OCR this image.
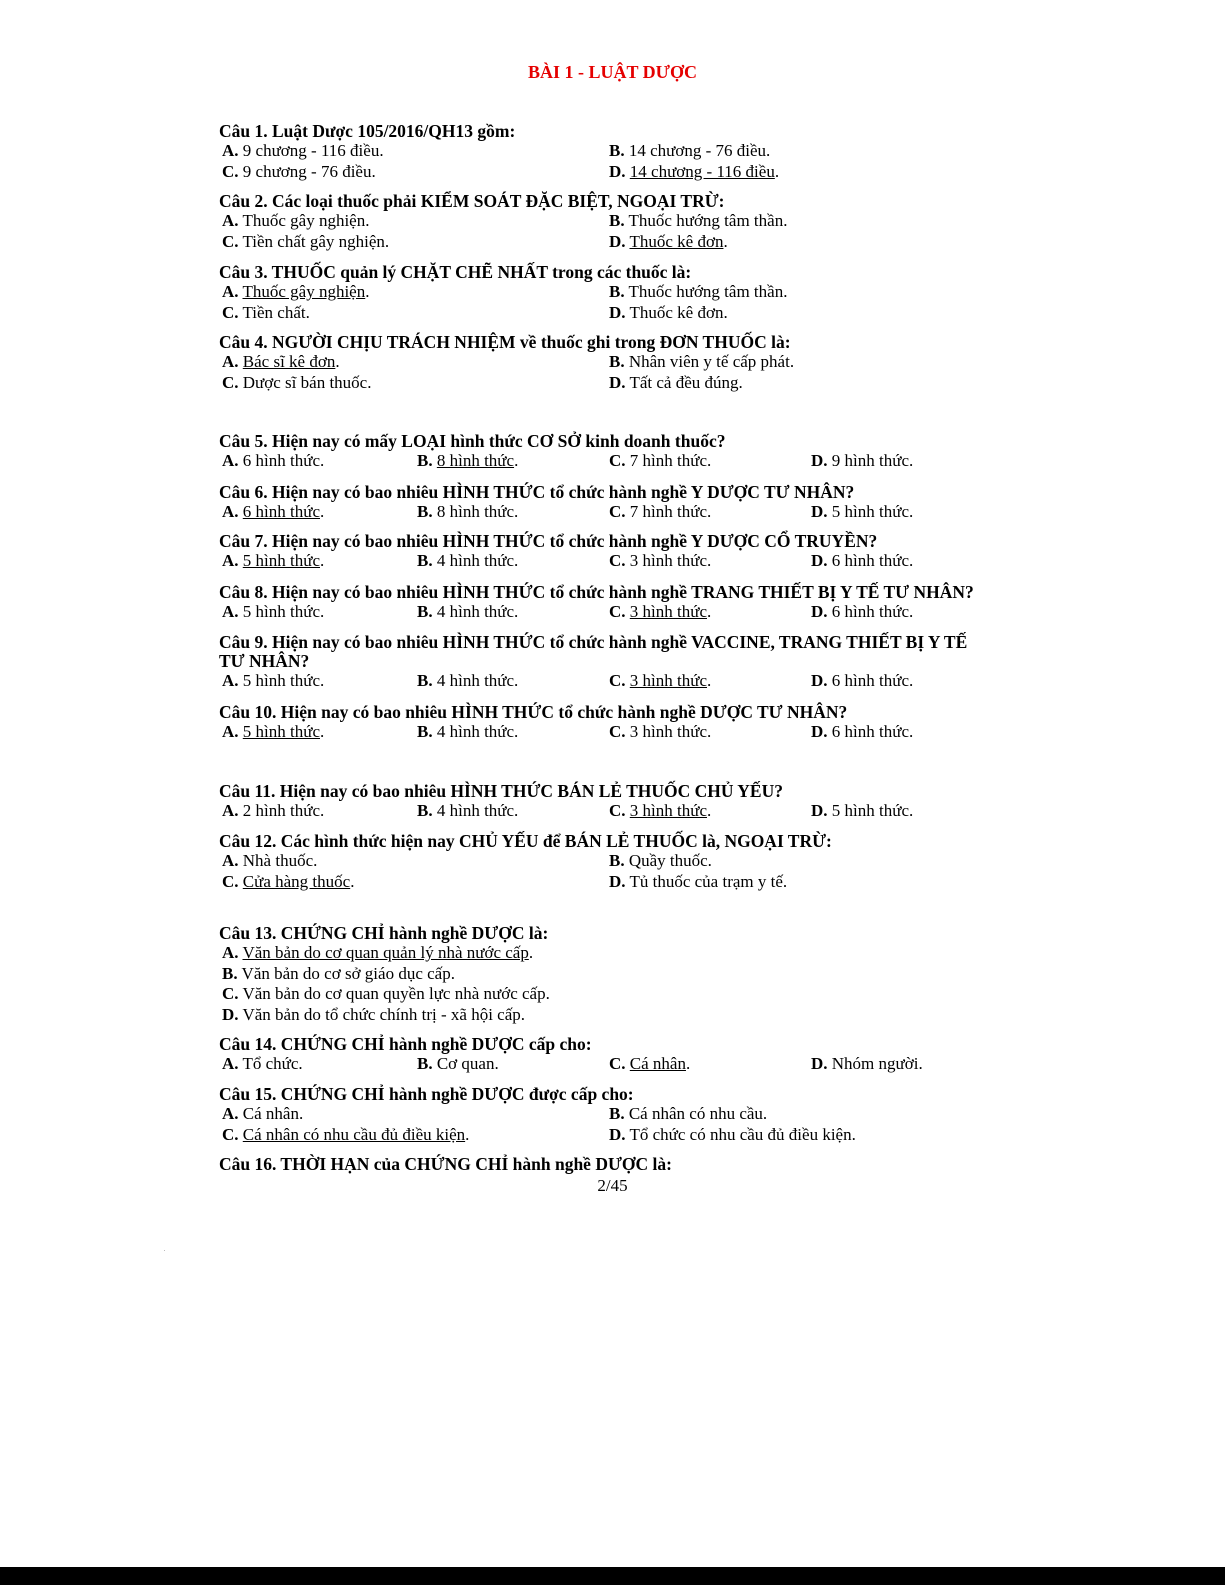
BÀI 1 - LUẬT DƯỢC

Câu 1. Luật Dược 105/2016/QH13 gồm:

A. 9 chương - 116 điều.	B. 14 chương - 76 điều.
C. 9 chương - 76 điều.	D. 14 chương - 116 điều.

Câu 2. Các loại thuốc phải KIỂM SOÁT ĐẶC BIỆT, NGOẠI TRỪ:

A. Thuốc gây nghiện.	B. Thuốc hướng tâm thần.
C. Tiền chất gây nghiện.	D. Thuốc kê đơn.

Câu 3. THUỐC quản lý CHẶT CHẼ NHẤT trong các thuốc là:

A. Thuốc gây nghiện.	B. Thuốc hướng tâm thần.
C. Tiền chất.	D. Thuốc kê đơn.

Câu 4. NGƯỜI CHỊU TRÁCH NHIỆM về thuốc ghi trong ĐƠN THUỐC là:

A. Bác sĩ kê đơn.	B. Nhân viên y tế cấp phát.
C. Dược sĩ bán thuốc.	D. Tất cả đều đúng.

Câu 5. Hiện nay có mấy LOẠI hình thức CƠ SỞ kinh doanh thuốc?

A. 6 hình thức.	B. 8 hình thức.	C. 7 hình thức.	D. 9 hình thức.

Câu 6. Hiện nay có bao nhiêu HÌNH THỨC tổ chức hành nghề Y DƯỢC TƯ NHÂN?

A. 6 hình thức.	B. 8 hình thức.	C. 7 hình thức.	D. 5 hình thức.

Câu 7. Hiện nay có bao nhiêu HÌNH THỨC tổ chức hành nghề Y DƯỢC CỔ TRUYỀN?

A. 5 hình thức.	B. 4 hình thức.	C. 3 hình thức.	D. 6 hình thức.

Câu 8. Hiện nay có bao nhiêu HÌNH THỨC tổ chức hành nghề TRANG THIẾT BỊ Y TẾ TƯ NHÂN?

A. 5 hình thức.	B. 4 hình thức.	C. 3 hình thức.	D. 6 hình thức.

Câu 9. Hiện nay có bao nhiêu HÌNH THỨC tổ chức hành nghề VACCINE, TRANG THIẾT BỊ Y TẾ TƯ NHÂN?

A. 5 hình thức.	B. 4 hình thức.	C. 3 hình thức.	D. 6 hình thức.

Câu 10. Hiện nay có bao nhiêu HÌNH THỨC tổ chức hành nghề DƯỢC TƯ NHÂN?

A. 5 hình thức.	B. 4 hình thức.	C. 3 hình thức.	D. 6 hình thức.

Câu 11. Hiện nay có bao nhiêu HÌNH THỨC BÁN LẺ THUỐC CHỦ YẾU?

A. 2 hình thức.	B. 4 hình thức.	C. 3 hình thức.	D. 5 hình thức.

Câu 12. Các hình thức hiện nay CHỦ YẾU để BÁN LẺ THUỐC là, NGOẠI TRỪ:

A. Nhà thuốc.	B. Quầy thuốc.
C. Cửa hàng thuốc.	D. Tủ thuốc của trạm y tế.

Câu 13. CHỨNG CHỈ hành nghề DƯỢC là:

A. Văn bản do cơ quan quản lý nhà nước cấp.
B. Văn bản do cơ sở giáo dục cấp.
C. Văn bản do cơ quan quyền lực nhà nước cấp.
D. Văn bản do tổ chức chính trị - xã hội cấp.

Câu 14. CHỨNG CHỈ hành nghề DƯỢC cấp cho:

A. Tổ chức.	B. Cơ quan.	C. Cá nhân.	D. Nhóm người.

Câu 15. CHỨNG CHỈ hành nghề DƯỢC được cấp cho:

A. Cá nhân.	B. Cá nhân có nhu cầu.
C. Cá nhân có nhu cầu đủ điều kiện.	D. Tổ chức có nhu cầu đủ điều kiện.

Câu 16. THỜI HẠN của CHỨNG CHỈ hành nghề DƯỢC là:

2/45
